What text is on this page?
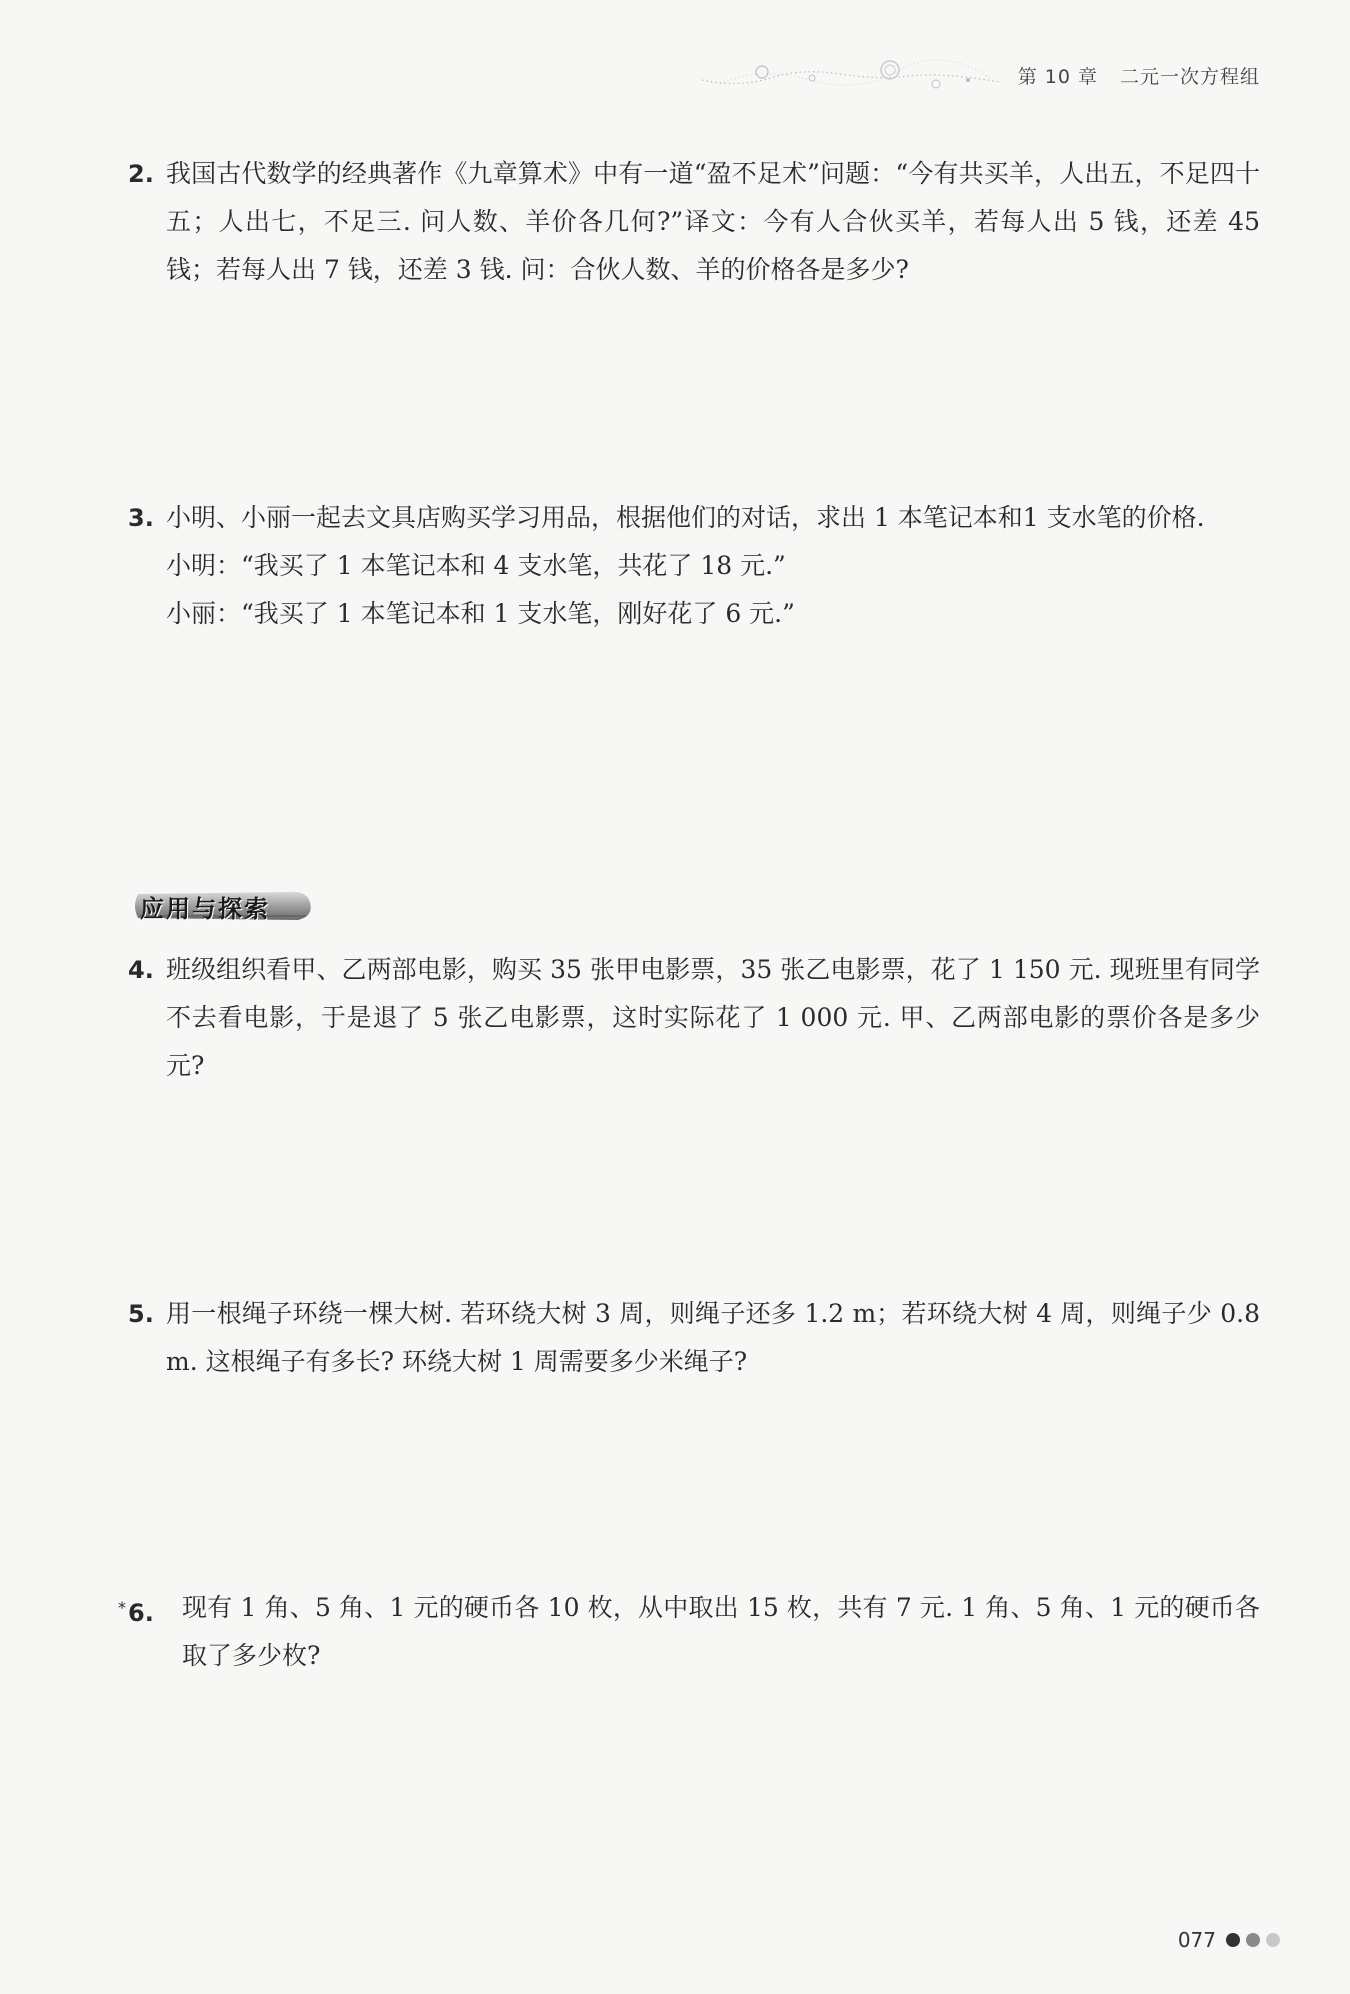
第 10 章 二元一次方程组
2. 我国古代数学的经典著作《九章算术》中有一道“盈不足术”问题：“今有共买羊，人出五，不足四十五；人出七，不足三. 问人数、羊价各几何?”译文：今有人合伙买羊，若每人出 5 钱，还差 45 钱；若每人出 7 钱，还差 3 钱. 问：合伙人数、羊的价格各是多少?
3. 小明、小丽一起去文具店购买学习用品，根据他们的对话，求出 1 本笔记本和1 支水笔的价格.
小明：“我买了 1 本笔记本和 4 支水笔，共花了 18 元.”
小丽：“我买了 1 本笔记本和 1 支水笔，刚好花了 6 元.”
应用与探索
4. 班级组织看甲、乙两部电影，购买 35 张甲电影票，35 张乙电影票，花了 1 150 元. 现班里有同学不去看电影，于是退了 5 张乙电影票，这时实际花了 1 000 元. 甲、乙两部电影的票价各是多少元?
5. 用一根绳子环绕一棵大树. 若环绕大树 3 周，则绳子还多 1.2 m；若环绕大树 4 周，则绳子少 0.8 m. 这根绳子有多长? 环绕大树 1 周需要多少米绳子?
*6. 现有 1 角、5 角、1 元的硬币各 10 枚，从中取出 15 枚，共有 7 元. 1 角、5 角、1 元的硬币各取了多少枚?
077
